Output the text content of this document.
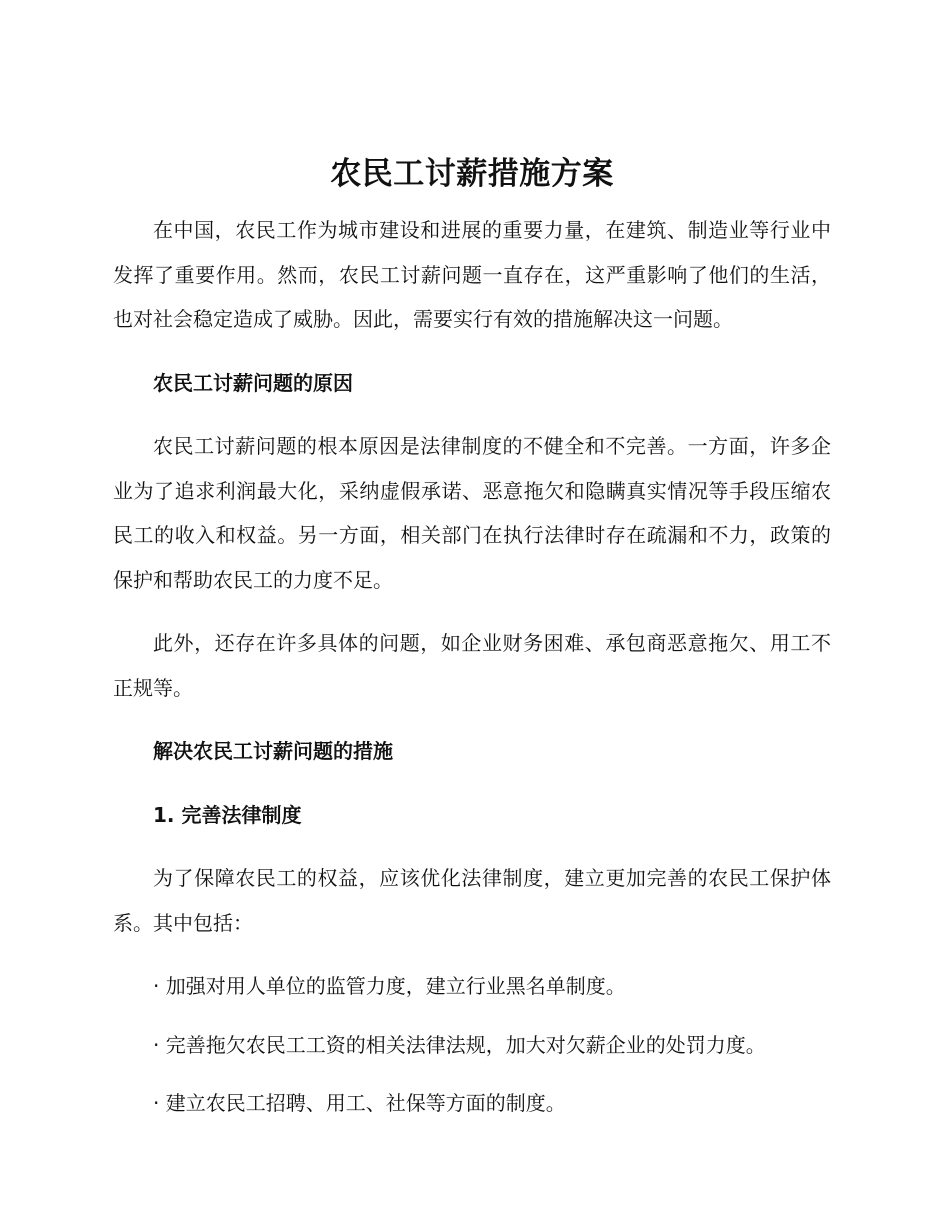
农民工讨薪措施方案

在中国，农民工作为城市建设和进展的重要力量，在建筑、制造业等行业中发挥了重要作用。然而，农民工讨薪问题一直存在，这严重影响了他们的生活，也对社会稳定造成了威胁。因此，需要实行有效的措施解决这一问题。

农民工讨薪问题的原因

农民工讨薪问题的根本原因是法律制度的不健全和不完善。一方面，许多企业为了追求利润最大化，采纳虚假承诺、恶意拖欠和隐瞒真实情况等手段压缩农民工的收入和权益。另一方面，相关部门在执行法律时存在疏漏和不力，政策的保护和帮助农民工的力度不足。

此外，还存在许多具体的问题，如企业财务困难、承包商恶意拖欠、用工不正规等。

解决农民工讨薪问题的措施

1. 完善法律制度

为了保障农民工的权益，应该优化法律制度，建立更加完善的农民工保护体系。其中包括：

· 加强对用人单位的监管力度，建立行业黑名单制度。

· 完善拖欠农民工工资的相关法律法规，加大对欠薪企业的处罚力度。

· 建立农民工招聘、用工、社保等方面的制度。
